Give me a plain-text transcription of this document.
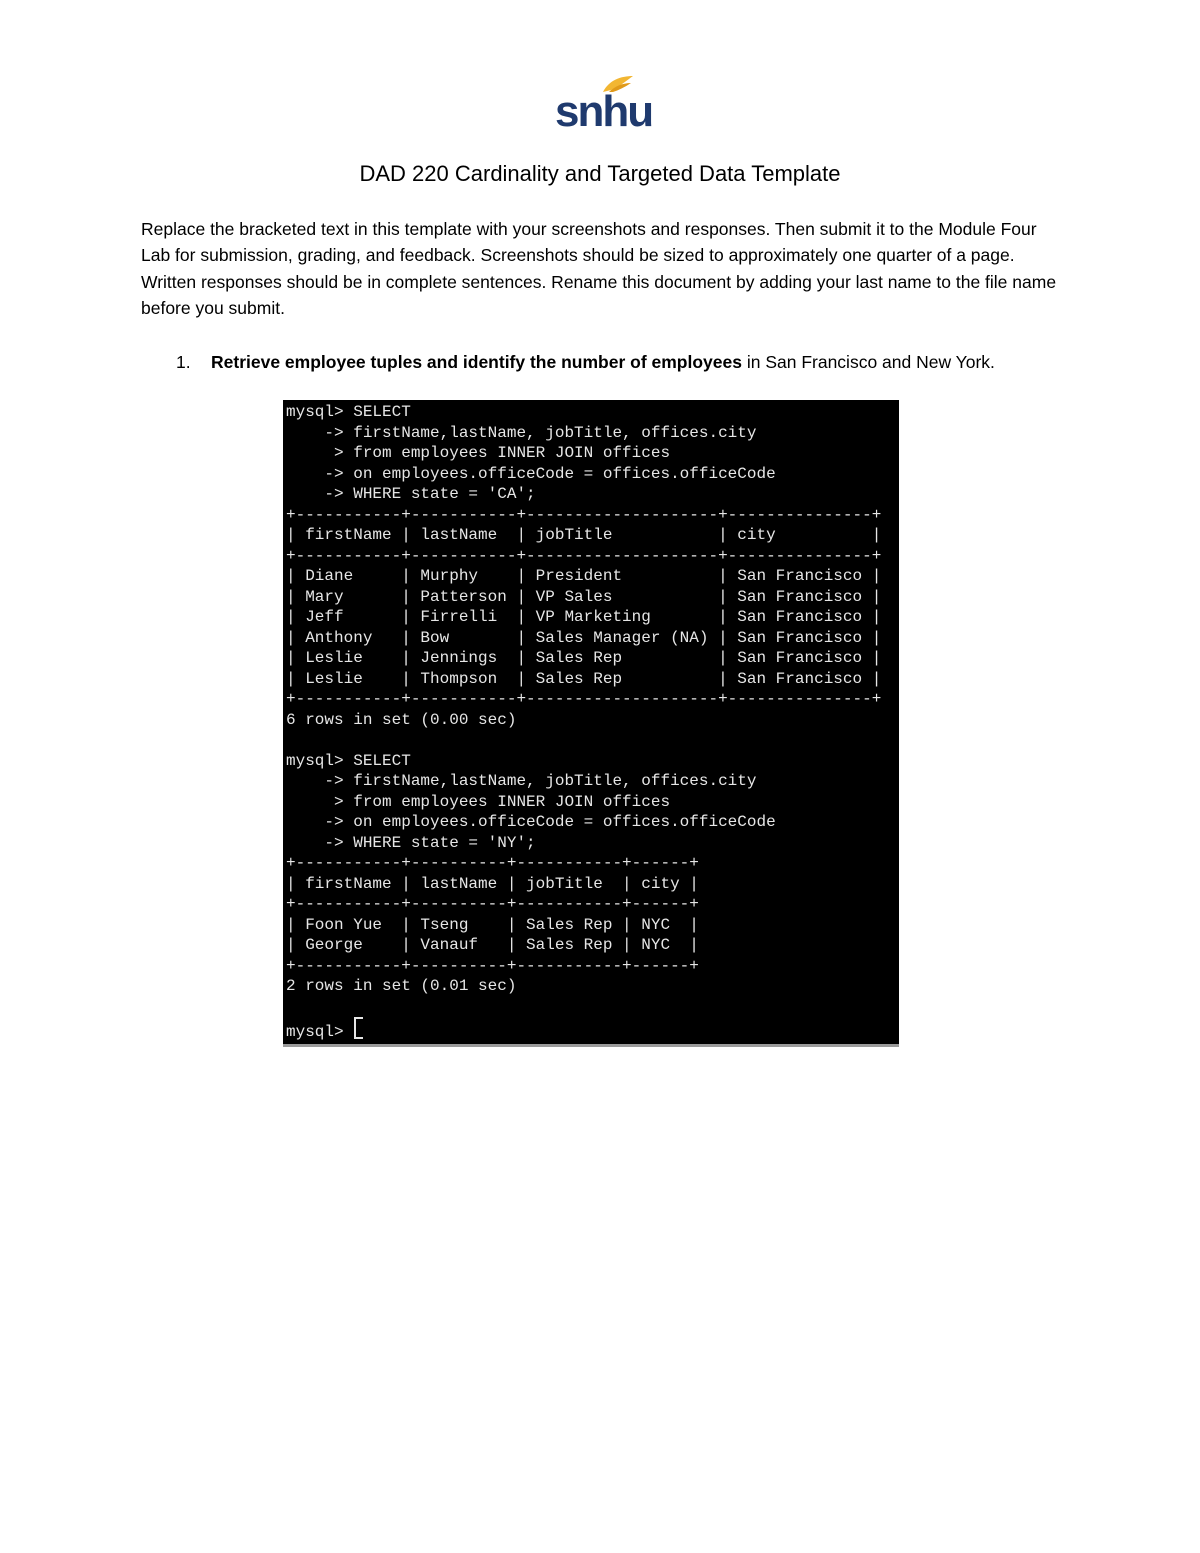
snhu
DAD 220 Cardinality and Targeted Data Template

Replace the bracketed text in this template with your screenshots and responses. Then submit it to the Module Four Lab for submission, grading, and feedback. Screenshots should be sized to approximately one quarter of a page. Written responses should be in complete sentences. Rename this document by adding your last name to the file name before you submit.

1. Retrieve employee tuples and identify the number of employees in San Francisco and New York.
mysql> SELECT
-> firstName,lastName, jobTitle, offices.city
> from employees INNER JOIN offices
-> on employees.officeCode = offices.officeCode
-> WHERE state = 'CA';
+-----------+-----------+--------------------+---------------+
| firstName | lastName  | jobTitle           | city          |
+-----------+-----------+--------------------+---------------+
| Diane     | Murphy    | President          | San Francisco |
| Mary      | Patterson | VP Sales           | San Francisco |
| Jeff      | Firrelli  | VP Marketing       | San Francisco |
| Anthony   | Bow       | Sales Manager (NA) | San Francisco |
| Leslie    | Jennings  | Sales Rep          | San Francisco |
| Leslie    | Thompson  | Sales Rep          | San Francisco |
+-----------+-----------+--------------------+---------------+
6 rows in set (0.00 sec)
mysql> SELECT
-> firstName,lastName, jobTitle, offices.city
> from employees INNER JOIN offices
-> on employees.officeCode = offices.officeCode
-> WHERE state = 'NY';
+-----------+----------+-----------+------+
| firstName | lastName | jobTitle  | city |
+-----------+----------+-----------+------+
| Foon Yue  | Tseng    | Sales Rep | NYC  |
| George    | Vanauf   | Sales Rep | NYC  |
+-----------+----------+-----------+------+
2 rows in set (0.01 sec)
mysql>
